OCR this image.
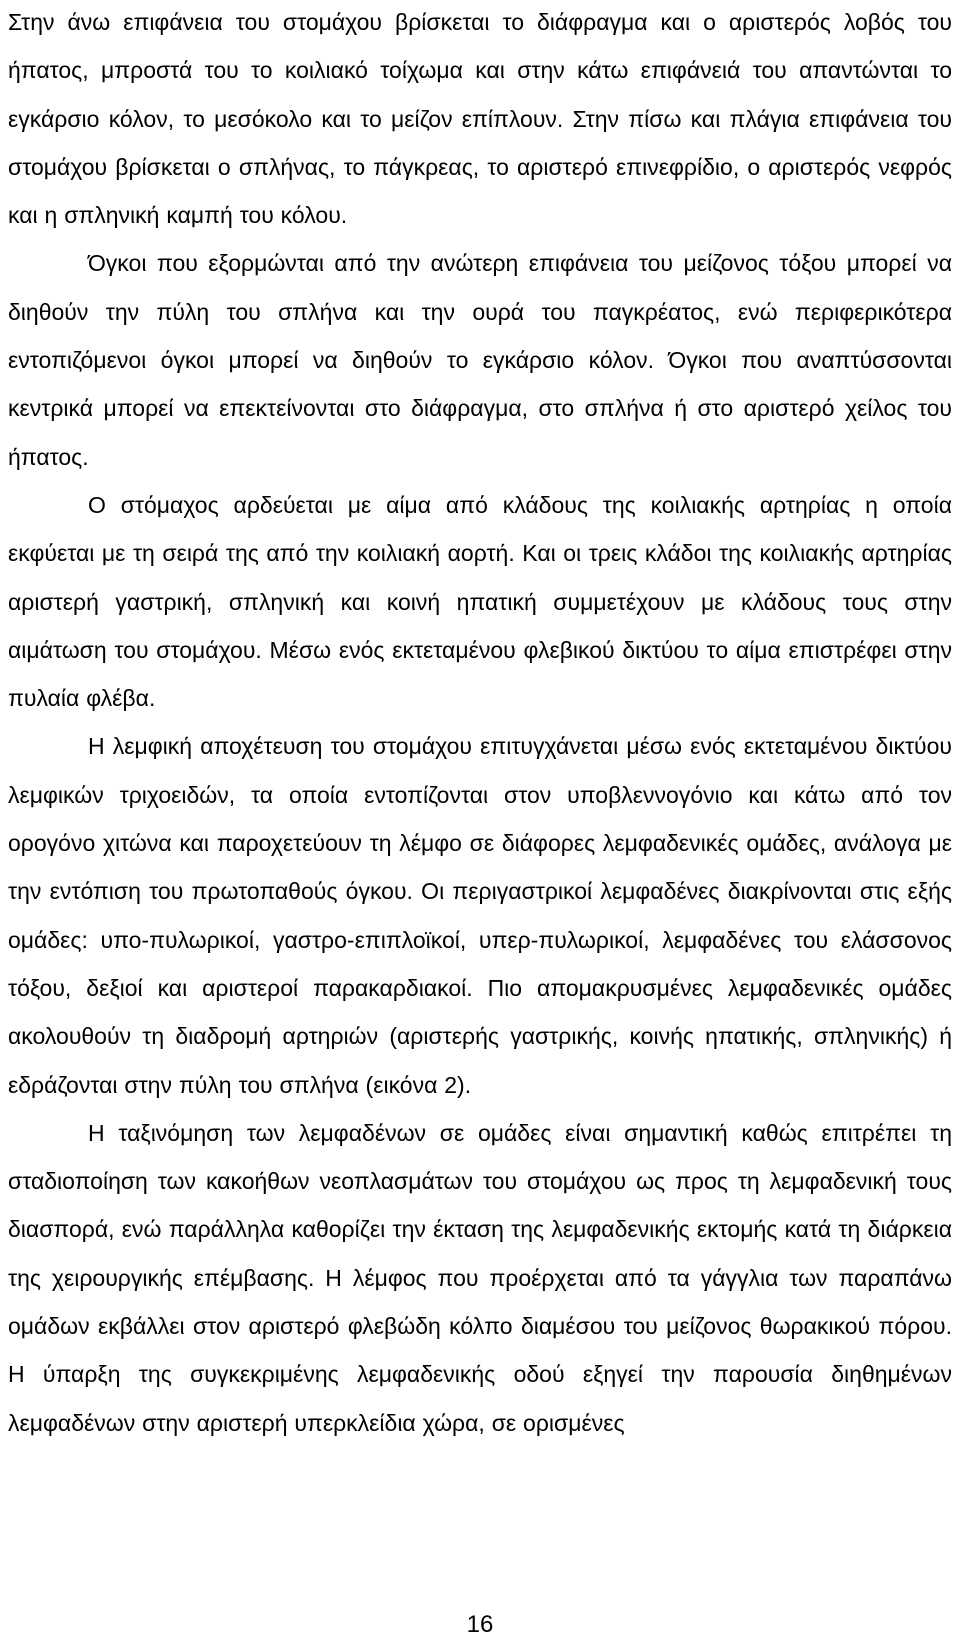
Στην άνω επιφάνεια του στομάχου βρίσκεται το διάφραγμα και ο αριστερός λοβός του ήπατος, μπροστά του το κοιλιακό τοίχωμα και στην κάτω επιφάνειά του απαντώνται το εγκάρσιο κόλον, το μεσόκολο και το μείζον επίπλουν. Στην πίσω και πλάγια επιφάνεια του στομάχου βρίσκεται ο σπλήνας, το πάγκρεας, το αριστερό επινεφρίδιο, ο αριστερός νεφρός και η σπληνική καμπή του κόλου.

Όγκοι που εξορμώνται από την ανώτερη επιφάνεια του μείζονος τόξου μπορεί να διηθούν την πύλη του σπλήνα και την ουρά του παγκρέατος, ενώ περιφερικότερα εντοπιζόμενοι όγκοι μπορεί να διηθούν το εγκάρσιο κόλον. Όγκοι που αναπτύσσονται κεντρικά μπορεί να επεκτείνονται στο διάφραγμα, στο σπλήνα ή στο αριστερό χείλος του ήπατος.

Ο στόμαχος αρδεύεται με αίμα από κλάδους της κοιλιακής αρτηρίας η οποία εκφύεται με τη σειρά της από την κοιλιακή αορτή. Και οι τρεις κλάδοι της κοιλιακής αρτηρίας αριστερή γαστρική, σπληνική και κοινή ηπατική συμμετέχουν με κλάδους τους στην αιμάτωση του στομάχου. Μέσω ενός εκτεταμένου φλεβικού δικτύου το αίμα επιστρέφει στην πυλαία φλέβα.

Η λεμφική αποχέτευση του στομάχου επιτυγχάνεται μέσω ενός εκτεταμένου δικτύου λεμφικών τριχοειδών, τα οποία εντοπίζονται στον υποβλεννογόνιο και κάτω από τον ορογόνο χιτώνα και παροχετεύουν τη λέμφο σε διάφορες λεμφαδενικές ομάδες, ανάλογα με την εντόπιση του πρωτοπαθούς όγκου. Οι περιγαστρικοί λεμφαδένες διακρίνονται στις εξής ομάδες: υπο-πυλωρικοί, γαστρο-επιπλοϊκοί, υπερ-πυλωρικοί, λεμφαδένες του ελάσσονος τόξου, δεξιοί και αριστεροί παρακαρδιακοί. Πιο απομακρυσμένες λεμφαδενικές ομάδες ακολουθούν τη διαδρομή αρτηριών (αριστερής γαστρικής, κοινής ηπατικής, σπληνικής) ή εδράζονται στην πύλη του σπλήνα (εικόνα 2).

Η ταξινόμηση των λεμφαδένων σε ομάδες είναι σημαντική καθώς επιτρέπει τη σταδιοποίηση των κακοήθων νεοπλασμάτων του στομάχου ως προς τη λεμφαδενική τους διασπορά, ενώ παράλληλα καθορίζει την έκταση της λεμφαδενικής εκτομής κατά τη διάρκεια της χειρουργικής επέμβασης. Η λέμφος που προέρχεται από τα γάγγλια των παραπάνω ομάδων εκβάλλει στον αριστερό φλεβώδη κόλπο διαμέσου του μείζονος θωρακικού πόρου. Η ύπαρξη της συγκεκριμένης λεμφαδενικής οδού εξηγεί την παρουσία διηθημένων λεμφαδένων στην αριστερή υπερκλείδια χώρα, σε ορισμένες

16
